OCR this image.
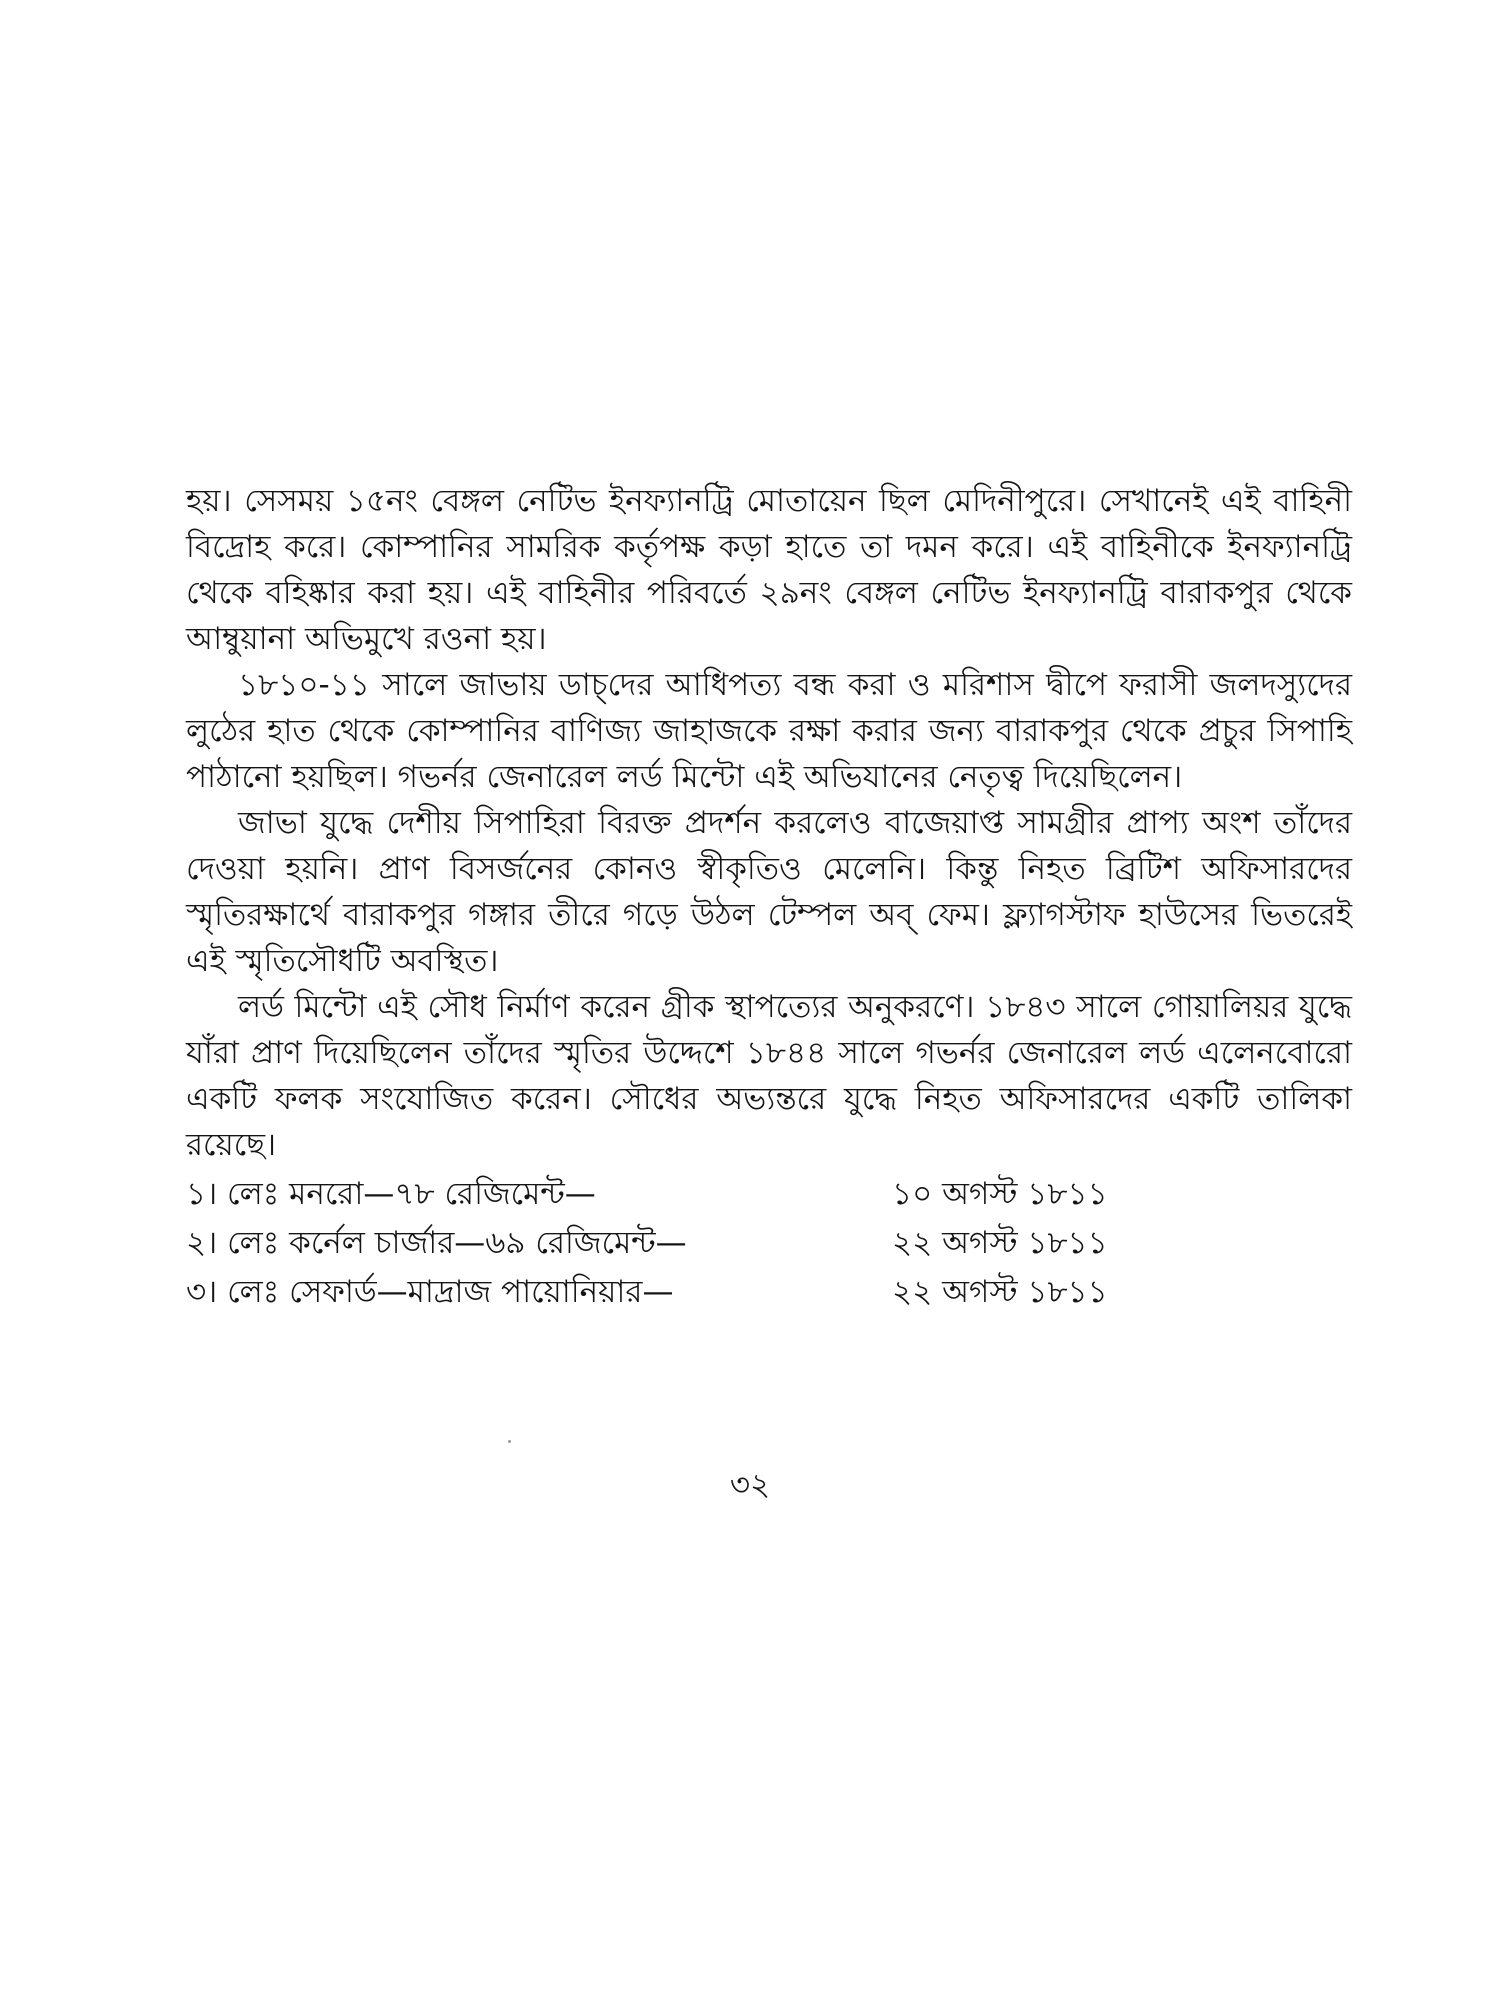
হয়। সেসময় ১৫নং বেঙ্গল নেটিভ ইনফ্যানট্রি মোতায়েন ছিল মেদিনীপুরে। সেখানেই এই বাহিনী বিদ্রোহ করে। কোম্পানির সামরিক কর্তৃপক্ষ কড়া হাতে তা দমন করে। এই বাহিনীকে ইনফ্যানট্রি থেকে বহিষ্কার করা হয়। এই বাহিনীর পরিবর্তে ২৯নং বেঙ্গল নেটিভ ইনফ্যানট্রি বারাকপুর থেকে আম্বুয়ানা অভিমুখে রওনা হয়।

১৮১০-১১ সালে জাভায় ডাচ্‌দের আধিপত্য বন্ধ করা ও মরিশাস দ্বীপে ফরাসী জলদস্যুদের লুঠের হাত থেকে কোম্পানির বাণিজ্য জাহাজকে রক্ষা করার জন্য বারাকপুর থেকে প্রচুর সিপাহি পাঠানো হয়ছিল। গভর্নর জেনারেল লর্ড মিন্টো এই অভিযানের নেতৃত্ব দিয়েছিলেন।

জাভা যুদ্ধে দেশীয় সিপাহিরা বিরক্ত প্রদর্শন করলেও বাজেয়াপ্ত সামগ্রীর প্রাপ্য অংশ তাঁদের দেওয়া হয়নি। প্রাণ বিসর্জনের কোনও স্বীকৃতিও মেলেনি। কিন্তু নিহত ব্রিটিশ অফিসারদের স্মৃতিরক্ষার্থে বারাকপুর গঙ্গার তীরে গড়ে উঠল টেম্পল অব্‌ ফেম। ফ্ল্যাগস্টাফ হাউসের ভিতরেই এই স্মৃতিসৌধটি অবস্থিত।

লর্ড মিন্টো এই সৌধ নির্মাণ করেন গ্রীক স্থাপত্যের অনুকরণে। ১৮৪৩ সালে গোয়ালিয়র যুদ্ধে যাঁরা প্রাণ দিয়েছিলেন তাঁদের স্মৃতির উদ্দেশে ১৮৪৪ সালে গভর্নর জেনারেল লর্ড এলেনবোরো একটি ফলক সংযোজিত করেন। সৌধের অভ্যন্তরে যুদ্ধে নিহত অফিসারদের একটি তালিকা রয়েছে।

১। লেঃ মনরো—৭৮ রেজিমেন্ট—	১০ অগস্ট ১৮১১
২। লেঃ কর্নেল চার্জার—৬৯ রেজিমেন্ট—	২২ অগস্ট ১৮১১
৩। লেঃ সেফার্ড—মাদ্রাজ পায়োনিয়ার—	২২ অগস্ট ১৮১১
৩২
